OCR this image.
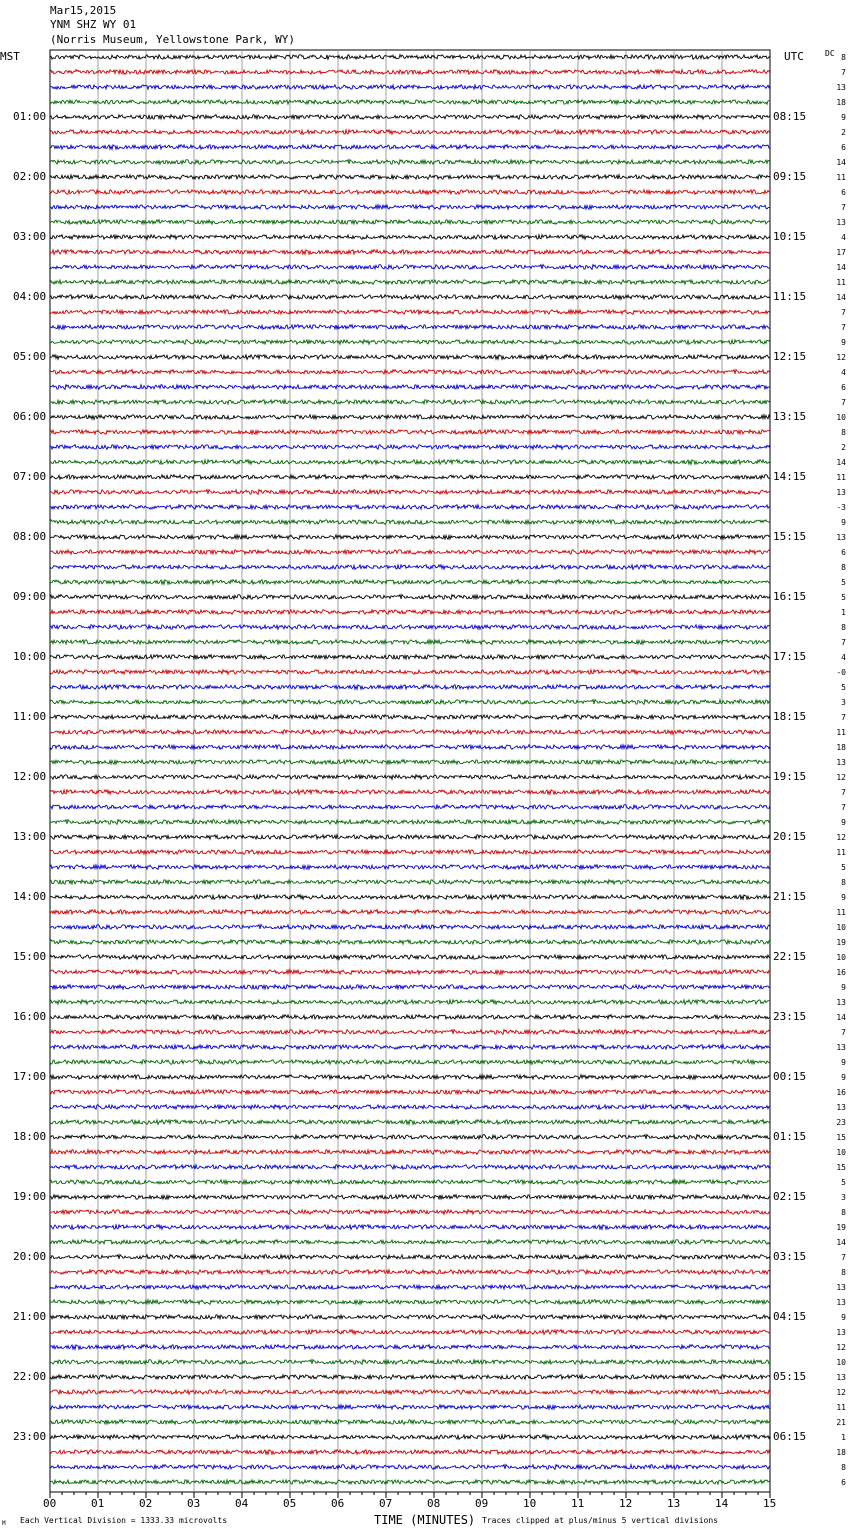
Mar15,2015
YNM SHZ WY 01
(Norris Museum, Yellowstone Park, WY)
MST	UTC	DC
01:00
02:00
03:00
04:00
05:00
06:00
07:00
08:00
09:00
10:00
11:00
12:00
13:00
14:00
15:00
16:00
17:00
18:00
19:00
20:00
21:00
22:00
23:00
08:15
09:15
10:15
11:15
12:15
13:15
14:15
15:15
16:15
17:15
18:15
19:15
20:15
21:15
22:15
23:15
00:15
01:15
02:15
03:15
04:15
05:15
06:15
8
7
13
18
9
2
6
14
11
6
7
13
4
17
14
11
14
7
7
9
12
4
6
7
10
8
2
14
11
13
-3
9
13
6
8
5
5
1
8
7
4
-0
5
3
7
11
18
13
12
7
7
9
12
11
5
8
9
11
10
19
10
16
9
13
14
7
13
9
9
16
13
23
15
10
15
5
3
8
19
14
7
8
13
13
9
13
12
10
13
12
11
21
1
18
8
6
00	01	02	03	04	05	06	07	08	09	10	11	12	13	14	15
TIME (MINUTES)
Each Vertical Division = 1333.33 microvolts	Traces clipped at plus/minus 5 vertical divisions
M
